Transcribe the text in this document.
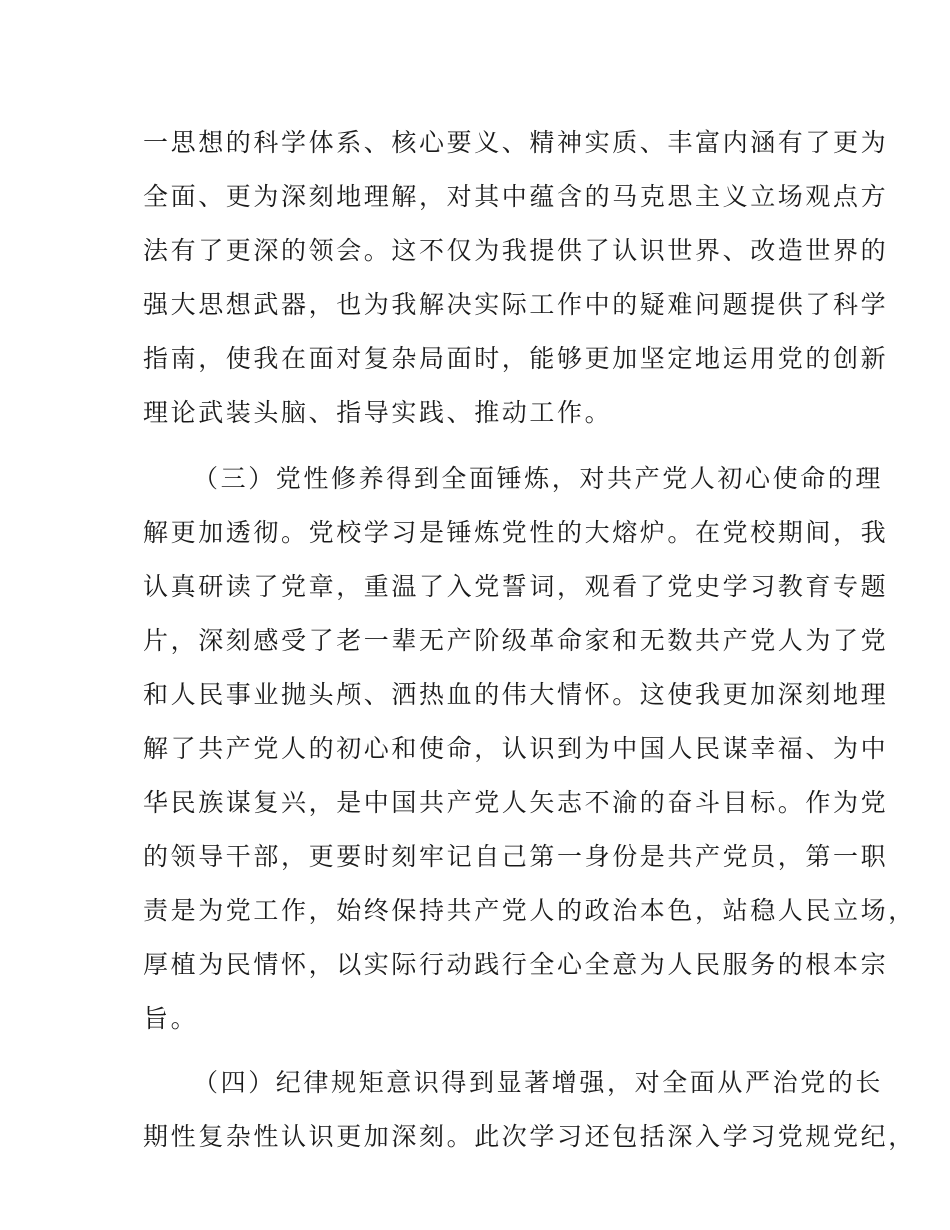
一思想的科学体系、核心要义、精神实质、丰富内涵有了更为
全面、更为深刻地理解，对其中蕴含的马克思主义立场观点方
法有了更深的领会。这不仅为我提供了认识世界、改造世界的
强大思想武器，也为我解决实际工作中的疑难问题提供了科学
指南，使我在面对复杂局面时，能够更加坚定地运用党的创新
理论武装头脑、指导实践、推动工作。
（三）党性修养得到全面锤炼，对共产党人初心使命的理
解更加透彻。党校学习是锤炼党性的大熔炉。在党校期间，我
认真研读了党章，重温了入党誓词，观看了党史学习教育专题
片，深刻感受了老一辈无产阶级革命家和无数共产党人为了党
和人民事业抛头颅、洒热血的伟大情怀。这使我更加深刻地理
解了共产党人的初心和使命，认识到为中国人民谋幸福、为中
华民族谋复兴，是中国共产党人矢志不渝的奋斗目标。作为党
的领导干部，更要时刻牢记自己第一身份是共产党员，第一职
责是为党工作，始终保持共产党人的政治本色，站稳人民立场，
厚植为民情怀，以实际行动践行全心全意为人民服务的根本宗
旨。
（四）纪律规矩意识得到显著增强，对全面从严治党的长
期性复杂性认识更加深刻。此次学习还包括深入学习党规党纪，
